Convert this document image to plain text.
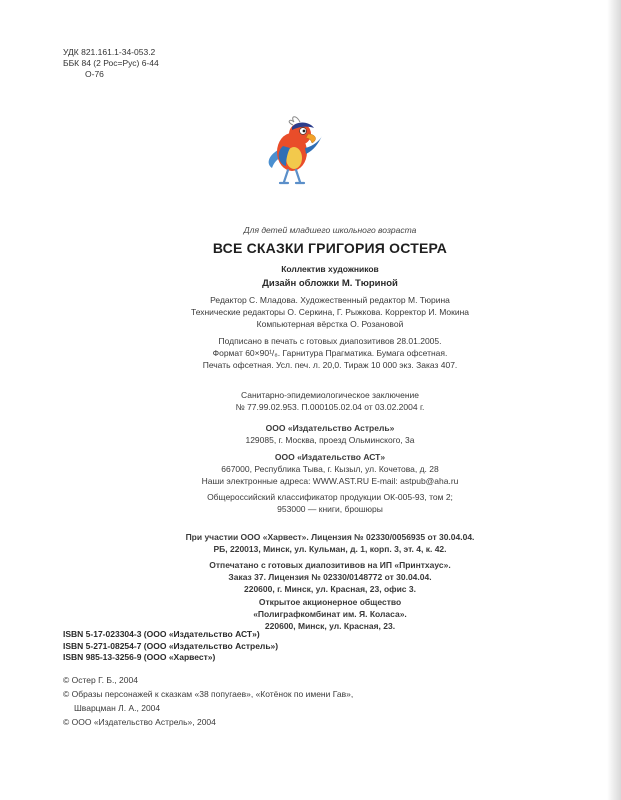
УДК 821.161.1-34-053.2
ББК 84 (2 Рос=Рус) 6-44
О-76
Для детей младшего школьного возраста
ВСЕ СКАЗКИ ГРИГОРИЯ ОСТЕРА
Коллектив художников
Дизайн обложки М. Тюриной
Редактор С. Младова. Художественный редактор М. Тюрина
Технические редакторы О. Серкина, Г. Рыжкова. Корректор И. Мокина
Компьютерная вёрстка О. Розановой
Подписано в печать с готовых диапозитивов 28.01.2005.
Формат 60×90¹/₈. Гарнитура Прагматика. Бумага офсетная.
Печать офсетная. Усл. печ. л. 20,0. Тираж 10 000 экз. Заказ 407.
Санитарно-эпидемиологическое заключение
№ 77.99.02.953. П.000105.02.04 от 03.02.2004 г.
ООО «Издательство Астрель»
129085, г. Москва, проезд Ольминского, 3а
ООО «Издательство АСТ»
667000, Республика Тыва, г. Кызыл, ул. Кочетова, д. 28
Наши электронные адреса: WWW.AST.RU E-mail: astpub@aha.ru
Общероссийский классификатор продукции ОК-005-93, том 2;
953000 — книги, брошюры
При участии ООО «Харвест». Лицензия № 02330/0056935 от 30.04.04.
РБ, 220013, Минск, ул. Кульман, д. 1, корп. 3, эт. 4, к. 42.
Отпечатано с готовых диапозитивов на ИП «Принтхаус».
Заказ 37. Лицензия № 02330/0148772 от 30.04.04.
220600, г. Минск, ул. Красная, 23, офис 3.
Открытое акционерное общество
«Полиграфкомбинат им. Я. Коласа».
220600, Минск, ул. Красная, 23.
ISBN 5-17-023304-3 (ООО «Издательство АСТ»)
ISBN 5-271-08254-7 (ООО «Издательство Астрель»)
ISBN 985-13-3256-9 (ООО «Харвест»)
© Остер Г. Б., 2004
© Образы персонажей к сказкам «38 попугаев», «Котёнок по имени Гав»,
Шварцман Л. А., 2004
© ООО «Издательство Астрель», 2004
